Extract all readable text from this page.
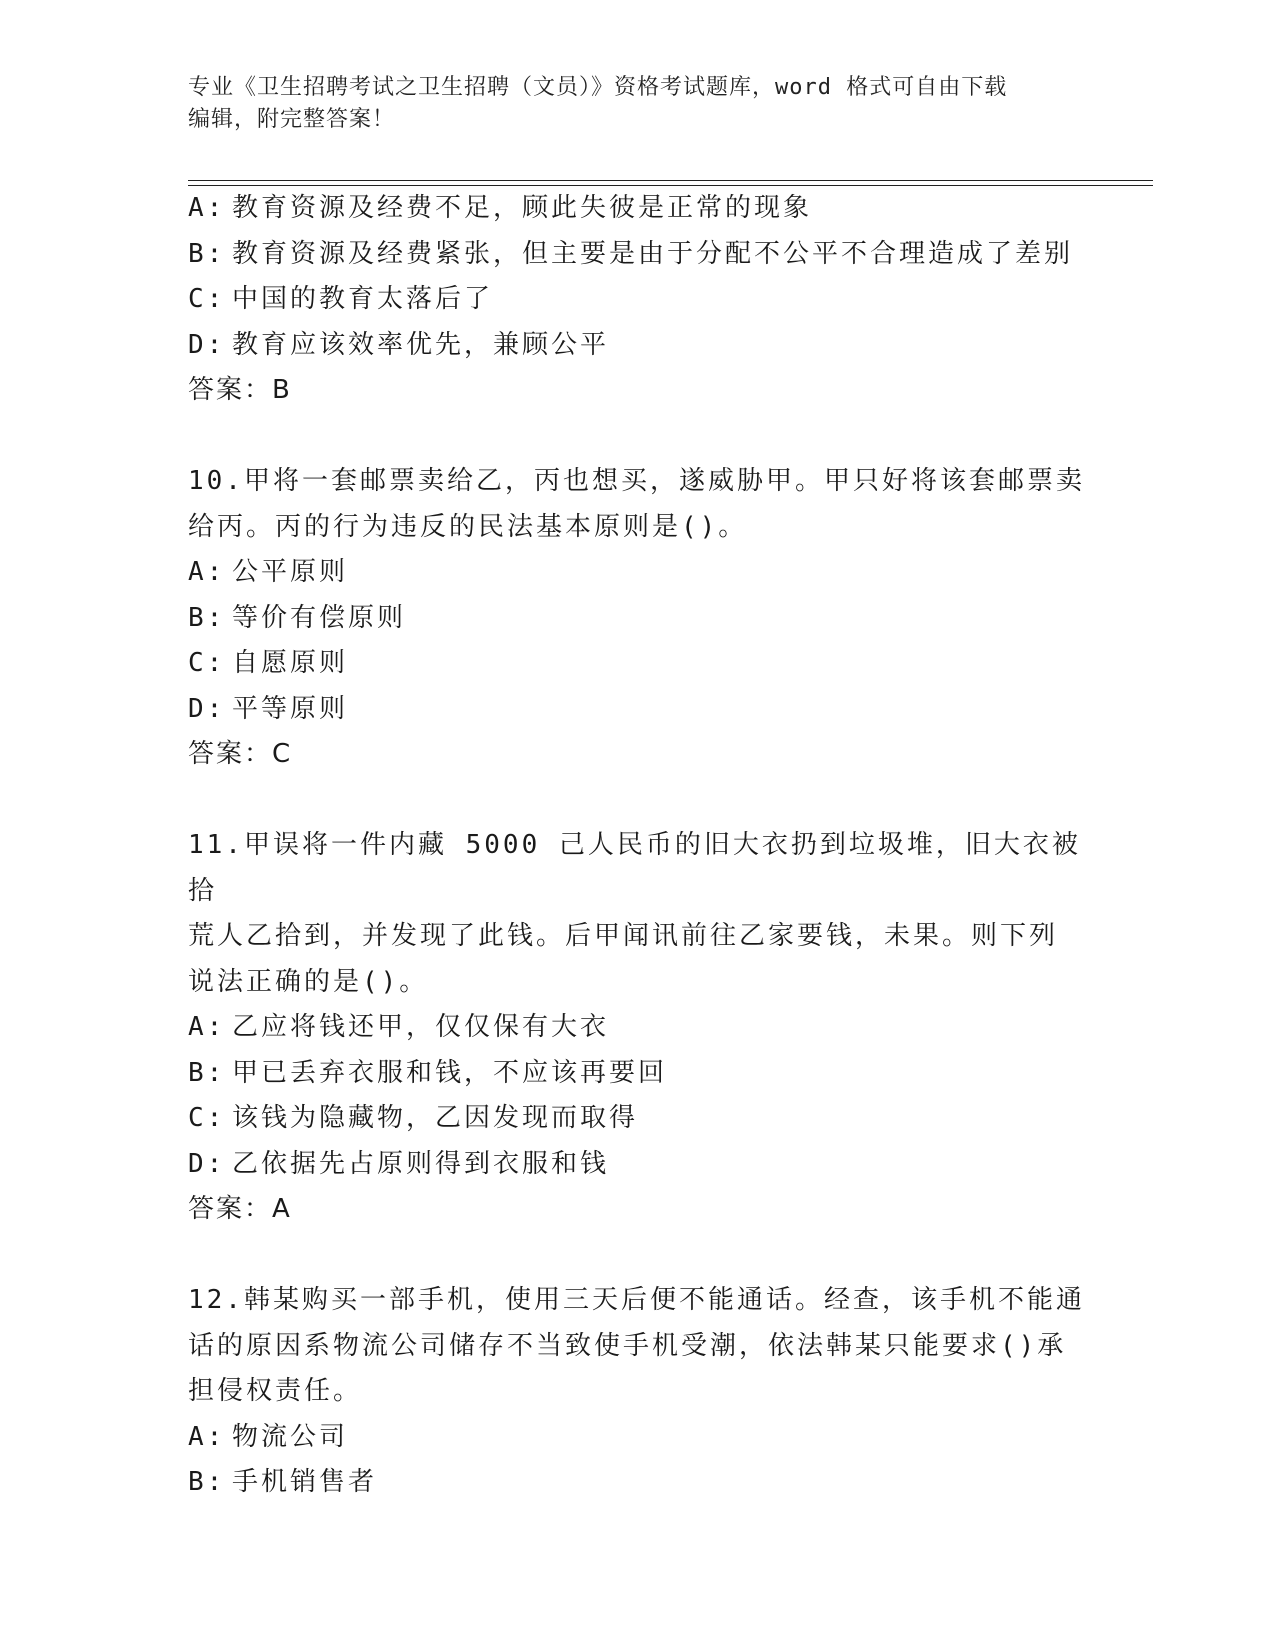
专业《卫生招聘考试之卫生招聘（文员）》资格考试题库，word 格式可自由下载
编辑，附完整答案！
A: 教育资源及经费不足，顾此失彼是正常的现象
B: 教育资源及经费紧张，但主要是由于分配不公平不合理造成了差别
C: 中国的教育太落后了
D: 教育应该效率优先，兼顾公平
答案：B
10.甲将一套邮票卖给乙，丙也想买，遂威胁甲。甲只好将该套邮票卖
给丙。丙的行为违反的民法基本原则是()。
A: 公平原则
B: 等价有偿原则
C: 自愿原则
D: 平等原则
答案：C
11.甲误将一件内藏 5000 己人民币的旧大衣扔到垃圾堆，旧大衣被拾
荒人乙拾到，并发现了此钱。后甲闻讯前往乙家要钱，未果。则下列
说法正确的是()。
A: 乙应将钱还甲，仅仅保有大衣
B: 甲已丢弃衣服和钱，不应该再要回
C: 该钱为隐藏物，乙因发现而取得
D: 乙依据先占原则得到衣服和钱
答案：A
12.韩某购买一部手机，使用三天后便不能通话。经查，该手机不能通
话的原因系物流公司储存不当致使手机受潮，依法韩某只能要求()承
担侵权责任。
A: 物流公司
B: 手机销售者
